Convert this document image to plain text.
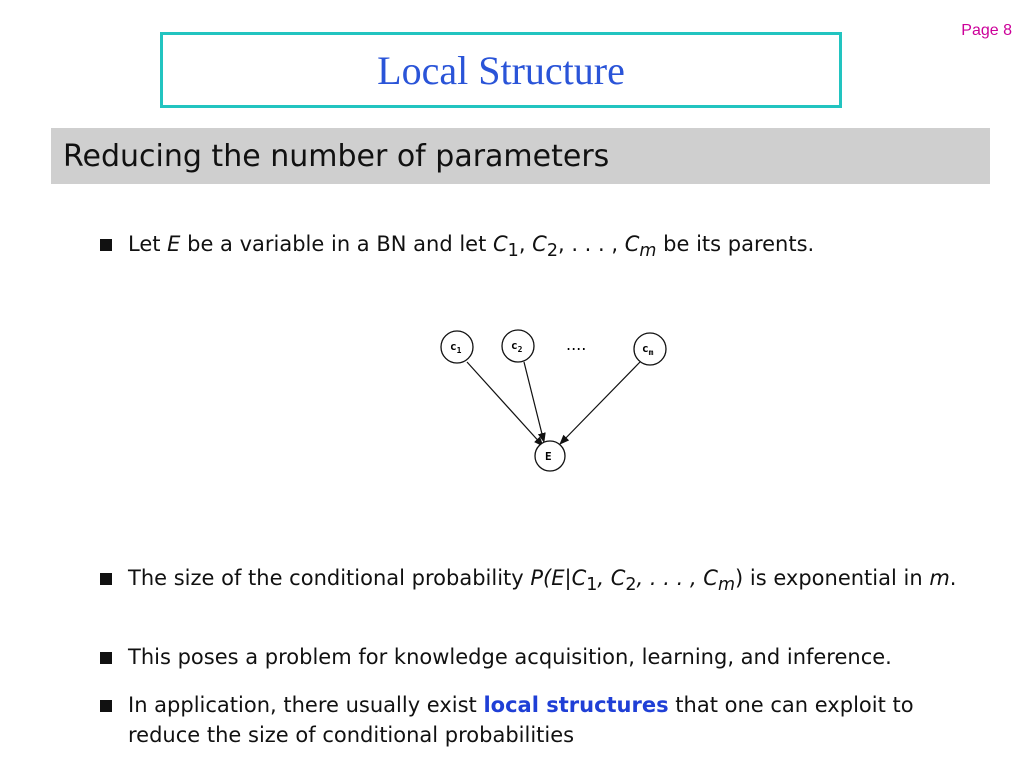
Page 8
Local Structure
Reducing the number of parameters
Let E be a variable in a BN and let $C_1$, $C_2$, . . . , $C_m$ be its parents.
$c_1$	$c_2$	....	$c_m$
E
The size of the conditional probability $P(E|C_1$, $C_2$, . . . , $C_m$) is exponential in m.
This poses a problem for knowledge acquisition, learning, and inference.
In application, there usually exist local structures that one can exploit to reduce the size of conditional probabilities
